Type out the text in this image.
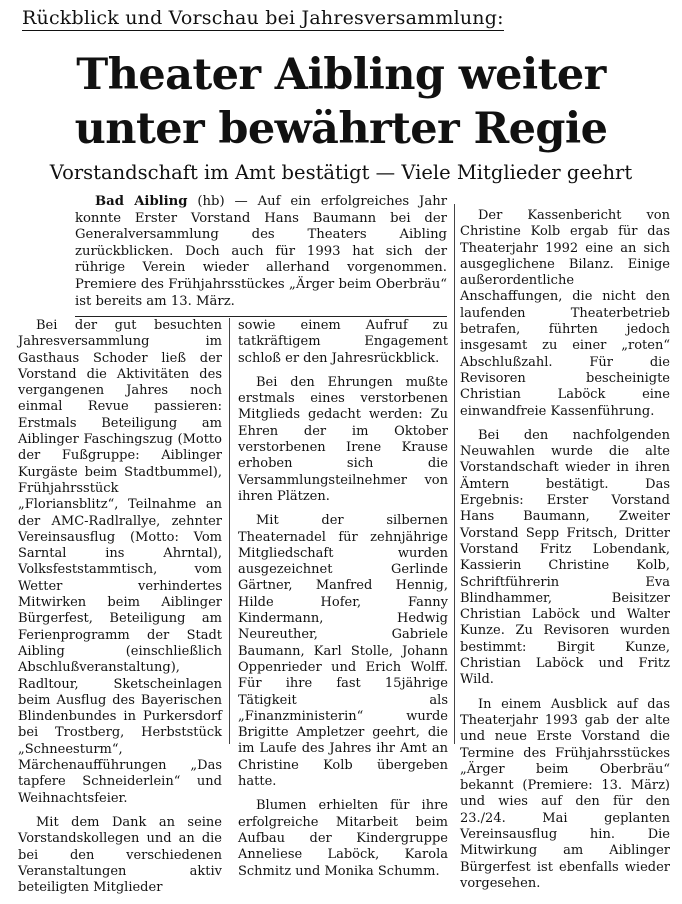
Rückblick und Vorschau bei Jahresversammlung:
Theater Aibling weiter
unter bewährter Regie
Vorstandschaft im Amt bestätigt — Viele Mitglieder geehrt

Bad Aibling (hb) — Auf ein erfolgreiches Jahr konnte Erster Vorstand Hans Baumann bei der Generalversammlung des Theaters Aibling zurückblicken. Doch auch für 1993 hat sich der rührige Verein wieder allerhand vorgenommen. Premiere des Frühjahrsstückes „Ärger beim Oberbräu“ ist bereits am 13. März.

Bei der gut besuchten Jahresversammlung im Gasthaus Schoder ließ der Vorstand die Aktivitäten des vergangenen Jahres noch einmal Revue passieren: Erstmals Beteiligung am Aiblinger Faschingszug (Motto der Fußgruppe: Aiblinger Kurgäste beim Stadtbummel), Frühjahrsstück „Floriansblitz“, Teilnahme an der AMC-Radlrallye, zehnter Vereinsausflug (Motto: Vom Sarntal ins Ahrntal), Volksfeststammtisch, vom Wetter verhindertes Mitwirken beim Aiblinger Bürgerfest, Beteiligung am Ferienprogramm der Stadt Aibling (einschließlich Abschlußveranstaltung), Radltour, Sketscheinlagen beim Ausflug des Bayerischen Blindenbundes in Purkersdorf bei Trostberg, Herbststück „Schneesturm“, Märchenaufführungen „Das tapfere Schneiderlein“ und Weihnachtsfeier.

Mit dem Dank an seine Vorstandskollegen und an die bei den verschiedenen Veranstaltungen aktiv beteiligten Mitglieder

sowie einem Aufruf zu tatkräftigem Engagement schloß er den Jahresrückblick.

Bei den Ehrungen mußte erstmals eines verstorbenen Mitglieds gedacht werden: Zu Ehren der im Oktober verstorbenen Irene Krause erhoben sich die Versammlungsteilnehmer von ihren Plätzen.

Mit der silbernen Theaternadel für zehnjährige Mitgliedschaft wurden ausgezeichnet Gerlinde Gärtner, Manfred Hennig, Hilde Hofer, Fanny Kindermann, Hedwig Neureuther, Gabriele Baumann, Karl Stolle, Johann Oppenrieder und Erich Wolff. Für ihre fast 15jährige Tätigkeit als „Finanzministerin“ wurde Brigitte Ampletzer geehrt, die im Laufe des Jahres ihr Amt an Christine Kolb übergeben hatte.

Blumen erhielten für ihre erfolgreiche Mitarbeit beim Aufbau der Kindergruppe Anneliese Laböck, Karola Schmitz und Monika Schumm.

Der Kassenbericht von Christine Kolb ergab für das Theaterjahr 1992 eine an sich ausgeglichene Bilanz. Einige außerordentliche Anschaffungen, die nicht den laufenden Theaterbetrieb betrafen, führten jedoch insgesamt zu einer „roten“ Abschlußzahl. Für die Revisoren bescheinigte Christian Laböck eine einwandfreie Kassenführung.

Bei den nachfolgenden Neuwahlen wurde die alte Vorstandschaft wieder in ihren Ämtern bestätigt. Das Ergebnis: Erster Vorstand Hans Baumann, Zweiter Vorstand Sepp Fritsch, Dritter Vorstand Fritz Lobendank, Kassierin Christine Kolb, Schriftführerin Eva Blindhammer, Beisitzer Christian Laböck und Walter Kunze. Zu Revisoren wurden bestimmt: Birgit Kunze, Christian Laböck und Fritz Wild.

In einem Ausblick auf das Theaterjahr 1993 gab der alte und neue Erste Vorstand die Termine des Frühjahrsstückes „Ärger beim Oberbräu“ bekannt (Premiere: 13. März) und wies auf den für den 23./24. Mai geplanten Vereinsausflug hin. Die Mitwirkung am Aiblinger Bürgerfest ist ebenfalls wieder vorgesehen.
